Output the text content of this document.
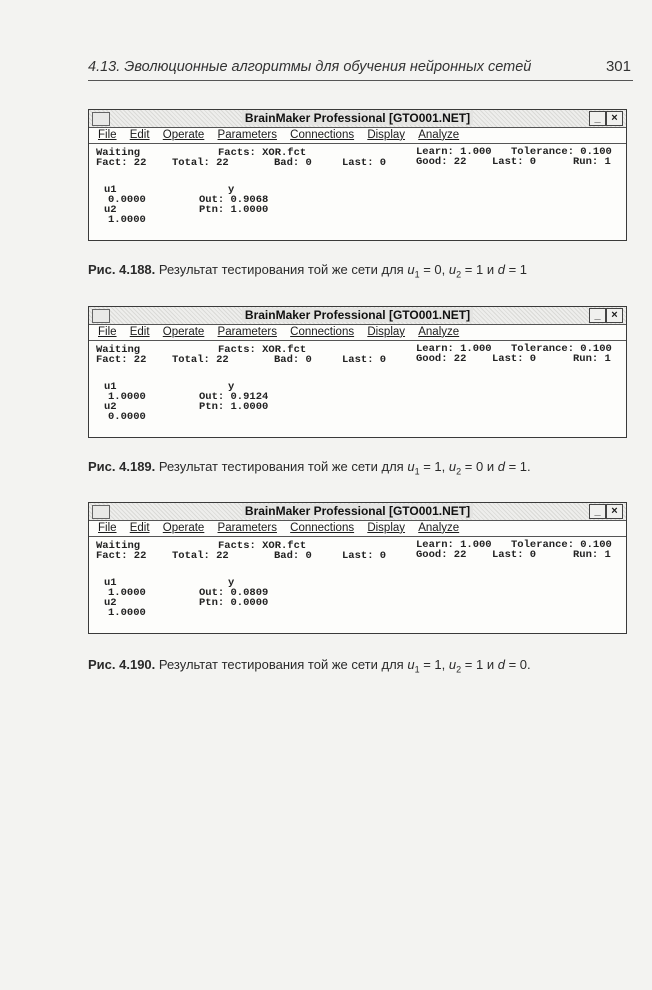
4.13. Эволюционные алгоритмы для обучения нейронных сетей	301
BrainMaker Professional [GTO001.NET]	_ ×
File Edit Operate Parameters Connections Display Analyze
Waiting	Facts: XOR.fct	Learn: 1.000 Tolerance: 0.100
Fact: 22 Total: 22	Bad: 0	Last: 0	Good: 22 Last: 0	Run: 1
u1
0.0000
u2
1.0000
y
Out: 0.9068
Ptn: 1.0000
Рис. 4.188. Результат тестирования той же сети для $u_1 = 0$, $u_2 = 1$ и d = 1
BrainMaker Professional [GTO001.NET]	_ ×
File Edit Operate Parameters Connections Display Analyze
Waiting	Facts: XOR.fct	Learn: 1.000 Tolerance: 0.100
Fact: 22 Total: 22	Bad: 0	Last: 0	Good: 22 Last: 0	Run: 1
u1
1.0000
u2
0.0000
y
Out: 0.9124
Ptn: 1.0000
Рис. 4.189. Результат тестирования той же сети для $u_1 = 1$, $u_2 = 0$ и d = 1.
BrainMaker Professional [GTO001.NET]	_ ×
File Edit Operate Parameters Connections Display Analyze
Waiting	Facts: XOR.fct	Learn: 1.000 Tolerance: 0.100
Fact: 22 Total: 22	Bad: 0	Last: 0	Good: 22 Last: 0	Run: 1
u1
1.0000
u2
1.0000
y
Out: 0.0809
Ptn: 0.0000
Рис. 4.190. Результат тестирования той же сети для $u_1 = 1$, $u_2 = 1$ и d = 0.
